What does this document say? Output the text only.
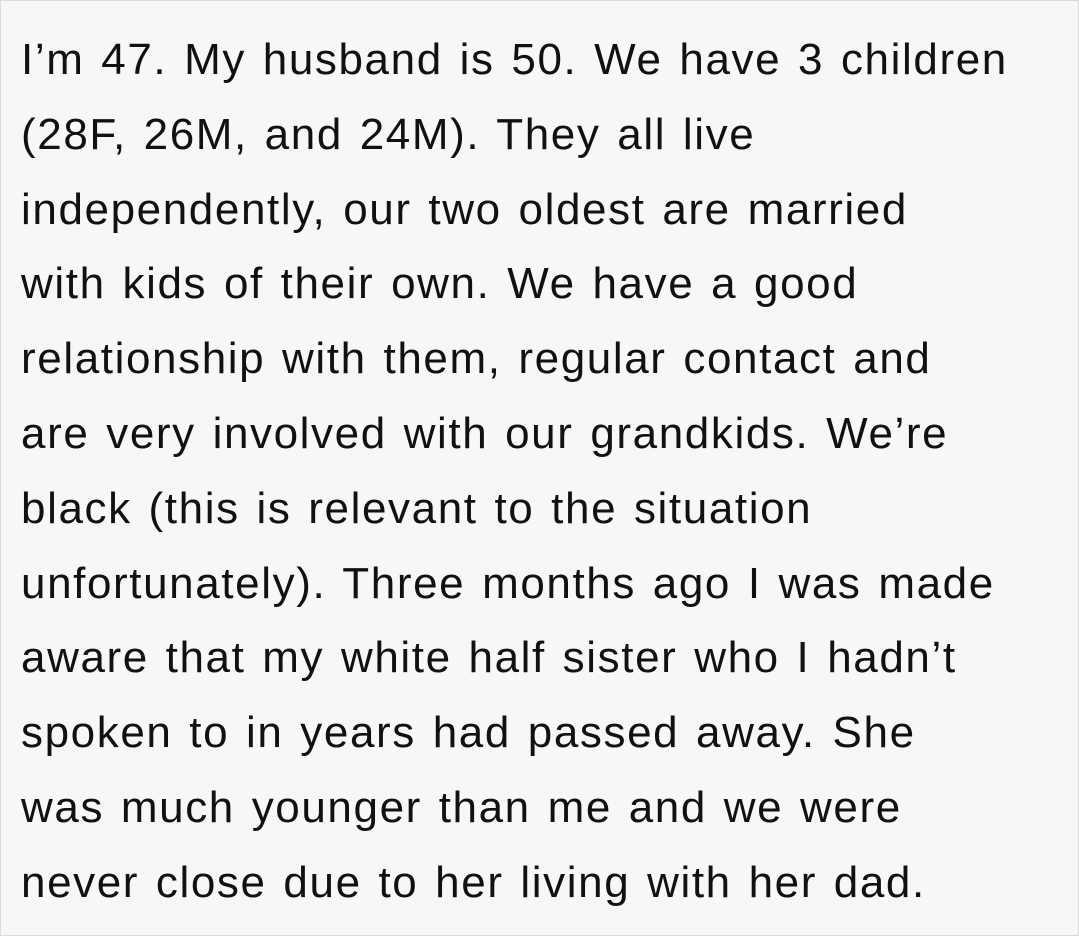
I’m 47. My husband is 50. We have 3 children
(28F, 26M, and 24M). They all live
independently, our two oldest are married
with kids of their own. We have a good
relationship with them, regular contact and
are very involved with our grandkids. We’re
black (this is relevant to the situation
unfortunately). Three months ago I was made
aware that my white half sister who I hadn’t
spoken to in years had passed away. She
was much younger than me and we were
never close due to her living with her dad.
